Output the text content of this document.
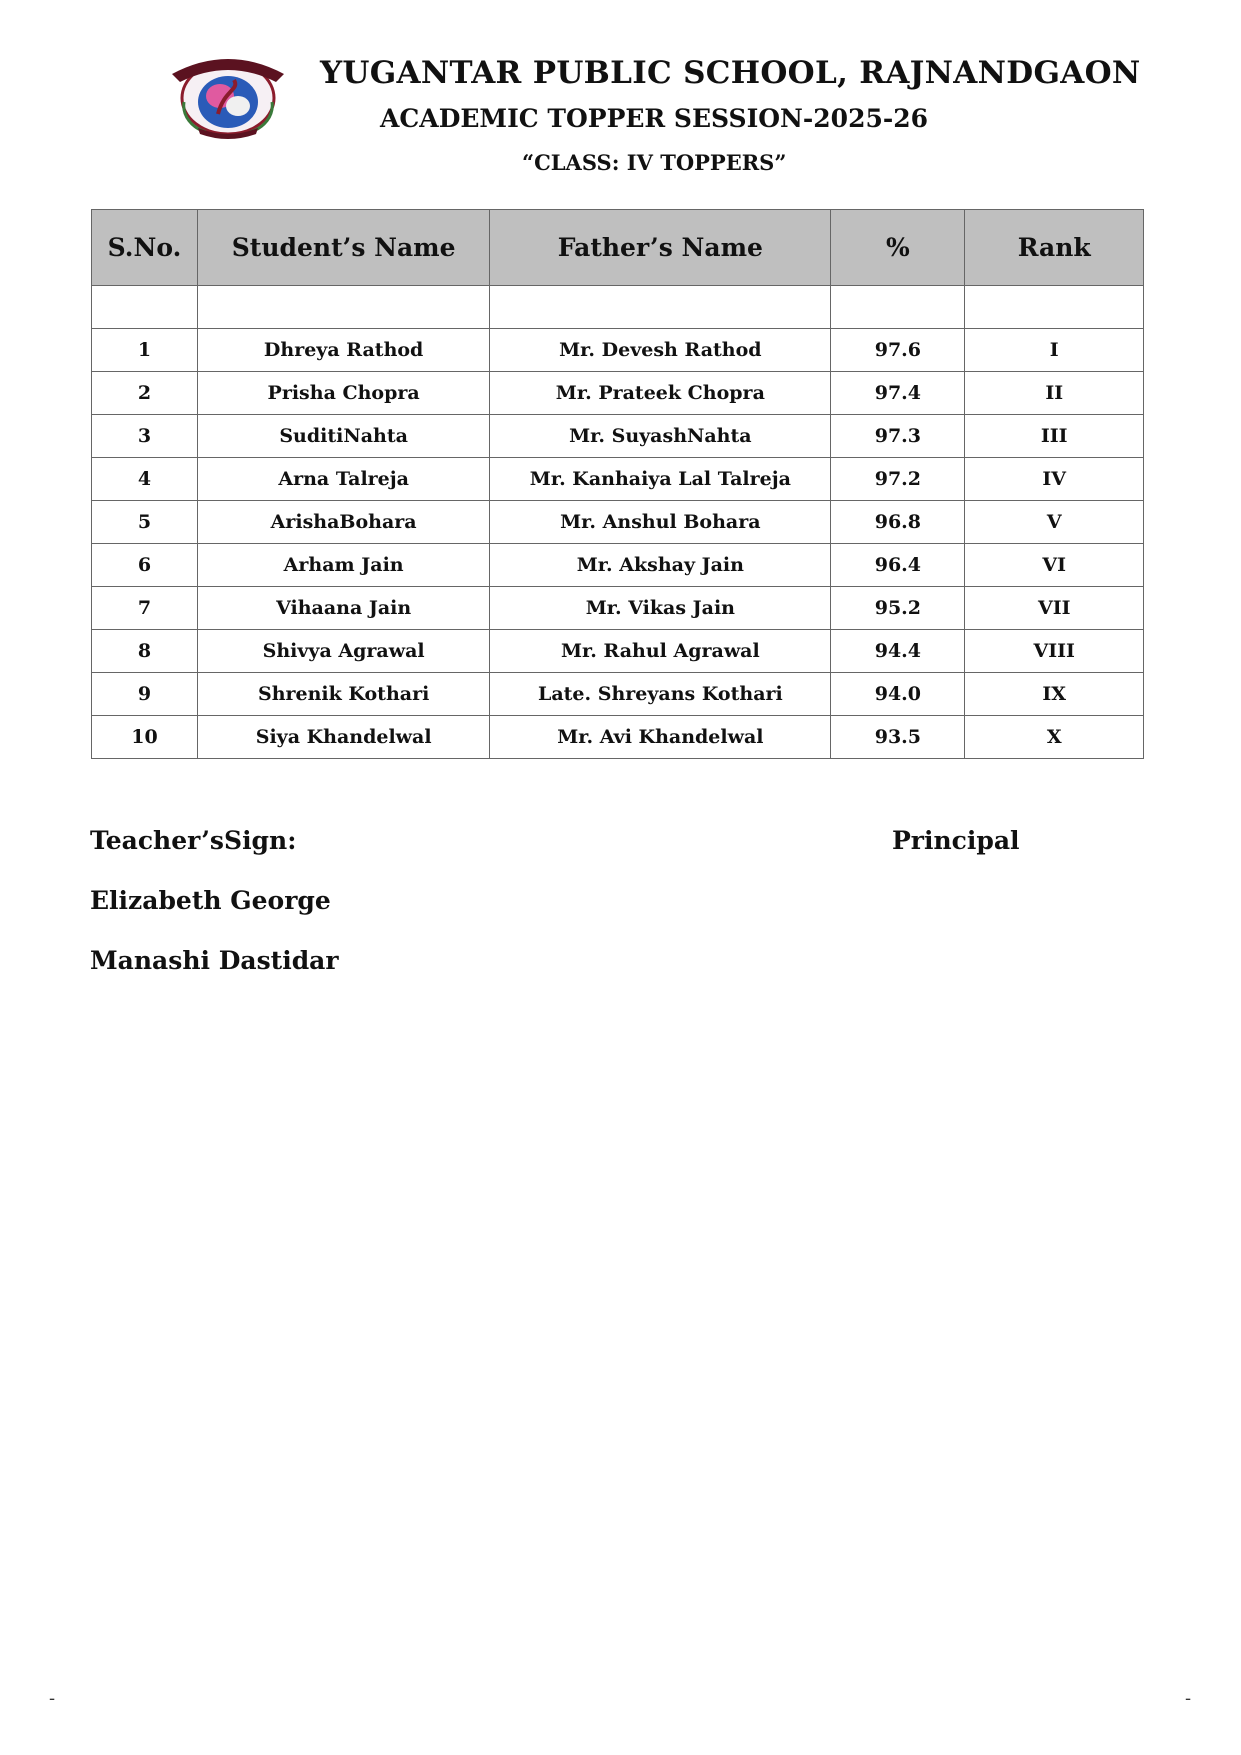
YUGANTAR PUBLIC SCHOOL, RAJNANDGAON
ACADEMIC TOPPER SESSION-2025-26
“CLASS: IV TOPPERS”
S.No.	Student’s Name	Father’s Name	%	Rank

1	Dhreya Rathod	Mr. Devesh Rathod	97.6	I
2	Prisha Chopra	Mr. Prateek Chopra	97.4	II
3	SuditiNahta	Mr. SuyashNahta	97.3	III
4	Arna Talreja	Mr. Kanhaiya Lal Talreja	97.2	IV
5	ArishaBohara	Mr. Anshul Bohara	96.8	V
6	Arham Jain	Mr. Akshay Jain	96.4	VI
7	Vihaana Jain	Mr. Vikas Jain	95.2	VII
8	Shivya Agrawal	Mr. Rahul Agrawal	94.4	VIII
9	Shrenik Kothari	Late. Shreyans Kothari	94.0	IX
10	Siya Khandelwal	Mr. Avi Khandelwal	93.5	X
Teacher’sSign:	Principal
Elizabeth George
Manashi Dastidar
-	-
